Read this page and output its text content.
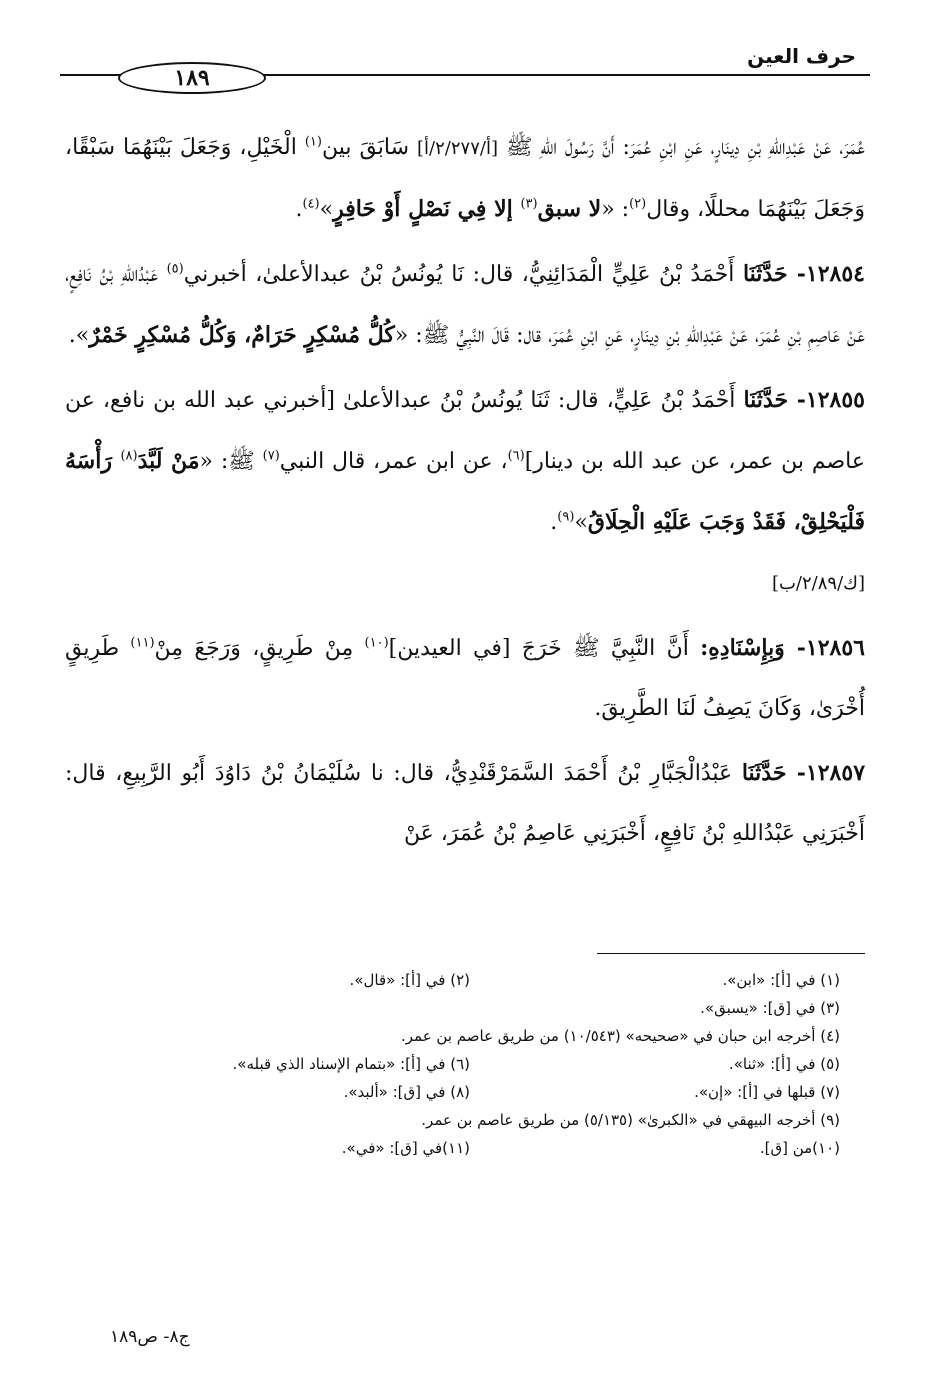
حرف العين
١٨٩

عُمَرَ، عَنْ عَبْدِاللهِ بْنِ دِينَارٍ، عَنِ ابْنِ عُمَرَ: أَنَّ رَسُولَ اللهِ ﷺ [أ/٢/٢٧٧/أ] سَابَقَ بين$^{(١)}$ الْخَيْلِ، وَجَعَلَ بَيْنَهُمَا سَبْقًا، وَجَعَلَ بَيْنَهُمَا محللًا، وقال$^{(٢)}$: «لا سبق$^{(٣)}$ إلا فِي نَصْلٍ أَوْ حَافِرٍ»$^{(٤)}$.

١٢٨٥٤- حَدَّثَنَا أَحْمَدُ بْنُ عَلِيٍّ الْمَدَائِنِيُّ، قال: نَا يُونُسُ بْنُ عبدالأعلىٰ، أخبرني$^{(٥)}$ عَبْدُاللهِ بْنُ نَافِعٍ، عَنْ عَاصِمِ بْنِ عُمَرَ، عَنْ عَبْدِاللهِ بْنِ دِينَارٍ، عَنِ ابْنِ عُمَرَ، قال: قَالَ النَّبِيُّ ﷺ: «كُلُّ مُسْكِرٍ حَرَامٌ، وَكُلُّ مُسْكِرٍ خَمْرٌ».

١٢٨٥٥- حَدَّثَنَا أَحْمَدُ بْنُ عَلِيٍّ، قال: ثَنَا يُونُسُ بْنُ عبدالأعلىٰ [أخبرني عبد الله بن نافع، عن عاصم بن عمر، عن عبد الله بن دينار]$^{(٦)}$، عن ابن عمر، قال النبي$^{(٧)}$ ﷺ: «مَنْ لَبَّدَ$^{(٨)}$ رَأْسَهُ فَلْيَحْلِقْ، فَقَدْ وَجَبَ عَلَيْهِ الْحِلَاقُ»$^{(٩)}$.
[ك/٢/٨٩/ب]

١٢٨٥٦- وَبِإِسْنَادِهِ: أَنَّ النَّبِيَّ ﷺ خَرَجَ [في العيدين]$^{(١٠)}$ مِنْ طَرِيقٍ، وَرَجَعَ مِنْ$^{(١١)}$ طَرِيقٍ أُخْرَىٰ، وَكَانَ يَصِفُ لَنَا الطَّرِيقَ.

١٢٨٥٧- حَدَّثَنَا عَبْدُالْجَبَّارِ بْنُ أَحْمَدَ السَّمَرْقَنْدِيُّ، قال: نا سُلَيْمَانُ بْنُ دَاوُدَ أَبُو الرَّبِيعِ، قال: أَخْبَرَنِي عَبْدُاللهِ بْنُ نَافِعٍ، أَخْبَرَنِي عَاصِمُ بْنُ عُمَرَ، عَنْ

(١) في [أ]: «ابن».
(٢) في [أ]: «قال».
(٣) في [ق]: «يسبق».
(٤) أخرجه ابن حبان في «صحيحه» (١٠/٥٤٣) من طريق عاصم بن عمر.
(٥) في [أ]: «ثنا».
(٦) في [أ]: «بتمام الإسناد الذي قبله».
(٧) قبلها في [أ]: «إن».
(٨) في [ق]: «ألبد».
(٩) أخرجه البيهقي في «الكبرىٰ» (٥/١٣٥) من طريق عاصم بن عمر.
(١٠)من [ق].
(١١)في [ق]: «في».
ج٨- ص١٨٩
